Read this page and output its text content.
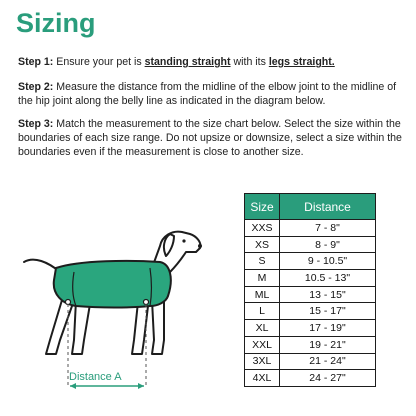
Sizing

Step 1: Ensure your pet is standing straight with its legs straight.

Step 2: Measure the distance from the midline of the elbow joint to the midline of the hip joint along the belly line as indicated in the diagram below.

Step 3: Match the measurement to the size chart below. Select the size within the boundaries of each size range. Do not upsize or downsize, select a size within the boundaries even if the measurement is close to another size.

Distance A
Size	Distance
XXS	7 - 8"
XS	8 - 9"
S	9 - 10.5"
M	10.5 - 13"
ML	13 - 15"
L	15 - 17"
XL	17 - 19"
XXL	19 - 21"
3XL	21 - 24"
4XL	24 - 27"
